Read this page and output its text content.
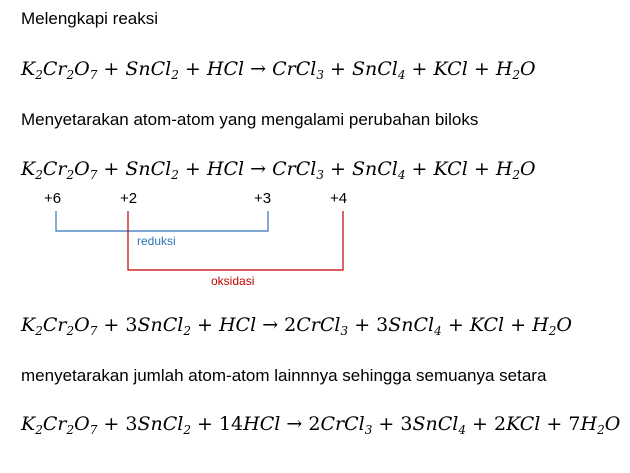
Melengkapi reaksi
$K_2Cr_2O_7$ + SnCl$_2$ + HCl → CrCl$_3$ + SnCl$_4$ + KCl + $H_2O$
Menyetarakan atom-atom yang mengalami perubahan biloks
$K_2Cr_2O_7$ + SnCl$_2$ + HCl → CrCl$_3$ + SnCl$_4$ + KCl + $H_2O$
+6	+2	+3	+4
reduksi
oksidasi
$K_2Cr_2O_7$ + 3SnCl$_2$ + HCl → 2CrCl$_3$ + 3SnCl$_4$ + KCl + $H_2O$
menyetarakan jumlah atom-atom lainnnya sehingga semuanya setara
$K_2Cr_2O_7$ + 3SnCl$_2$ + 14HCl → 2CrCl$_3$ + 3SnCl$_4$ + $2KCl + 7H_2O$
